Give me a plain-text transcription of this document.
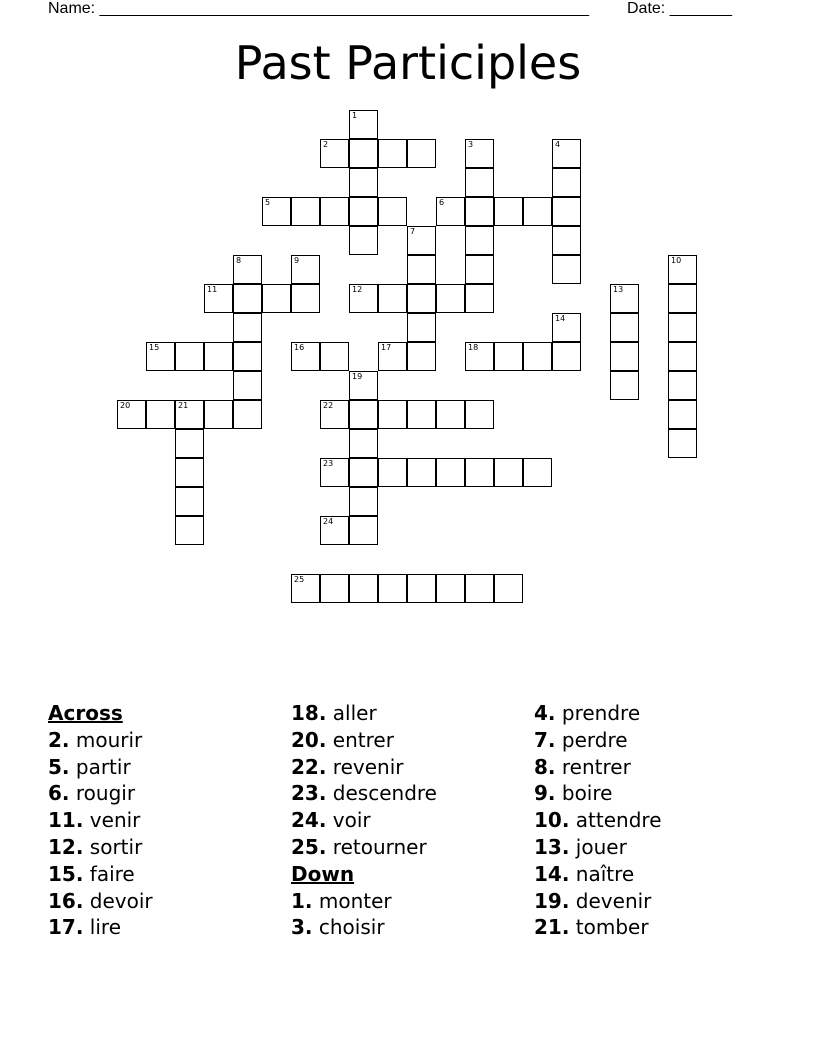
Name: _______________________________________________________ Date: _______
Past Participles
1
2	3	4
5	6
7
8	9	10
11	12	13
14
15	16	17	18
19
20	21	22
23
24
25
Across
2. mourir
5. partir
6. rougir
11. venir
12. sortir
15. faire
16. devoir
17. lire
18. aller
20. entrer
22. revenir
23. descendre
24. voir
25. retourner
Down
1. monter
3. choisir
4. prendre
7. perdre
8. rentrer
9. boire
10. attendre
13. jouer
14. naître
19. devenir
21. tomber
